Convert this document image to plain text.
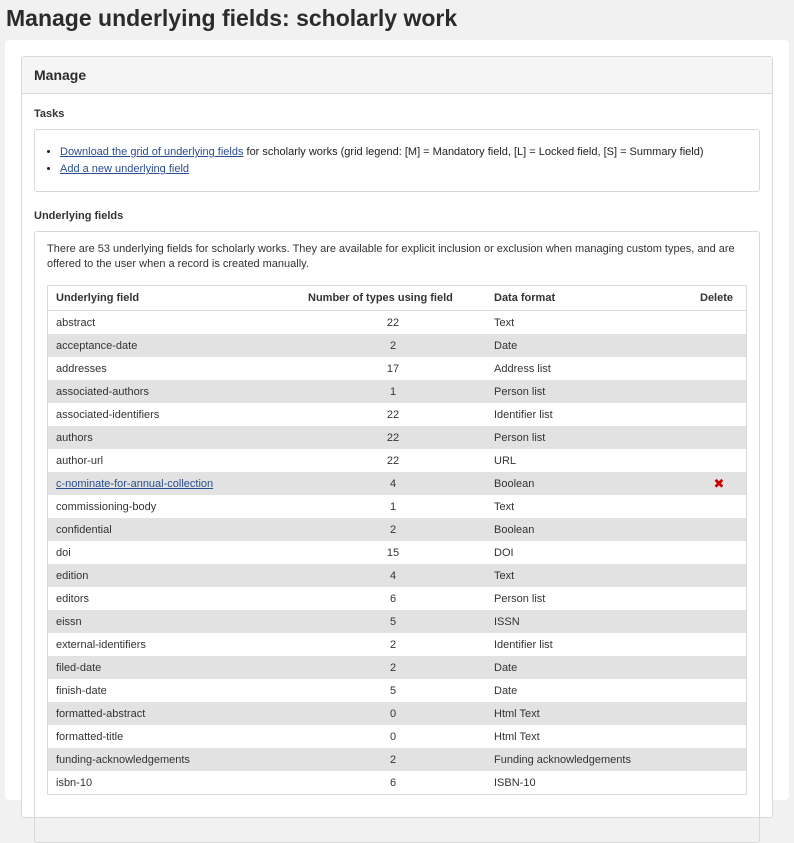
Manage underlying fields: scholarly work
Manage
Tasks
• Download the grid of underlying fields for scholarly works (grid legend: [M] = Mandatory field, [L] = Locked field, [S] = Summary field)
• Add a new underlying field
Underlying fields

There are 53 underlying fields for scholarly works. They are available for explicit inclusion or exclusion when managing custom types, and are offered to the user when a record is created manually.

Underlying field	Number of types using field	Data format	Delete
abstract	22	Text	
acceptance-date	2	Date	
addresses	17	Address list	
associated-authors	1	Person list	
associated-identifiers	22	Identifier list	
authors	22	Person list	
author-url	22	URL	
c-nominate-for-annual-collection	4	Boolean	✖
commissioning-body	1	Text	
confidential	2	Boolean	
doi	15	DOI	
edition	4	Text	
editors	6	Person list	
eissn	5	ISSN	
external-identifiers	2	Identifier list	
filed-date	2	Date	
finish-date	5	Date	
formatted-abstract	0	Html Text	
formatted-title	0	Html Text	
funding-acknowledgements	2	Funding acknowledgements	
isbn-10	6	ISBN-10	
